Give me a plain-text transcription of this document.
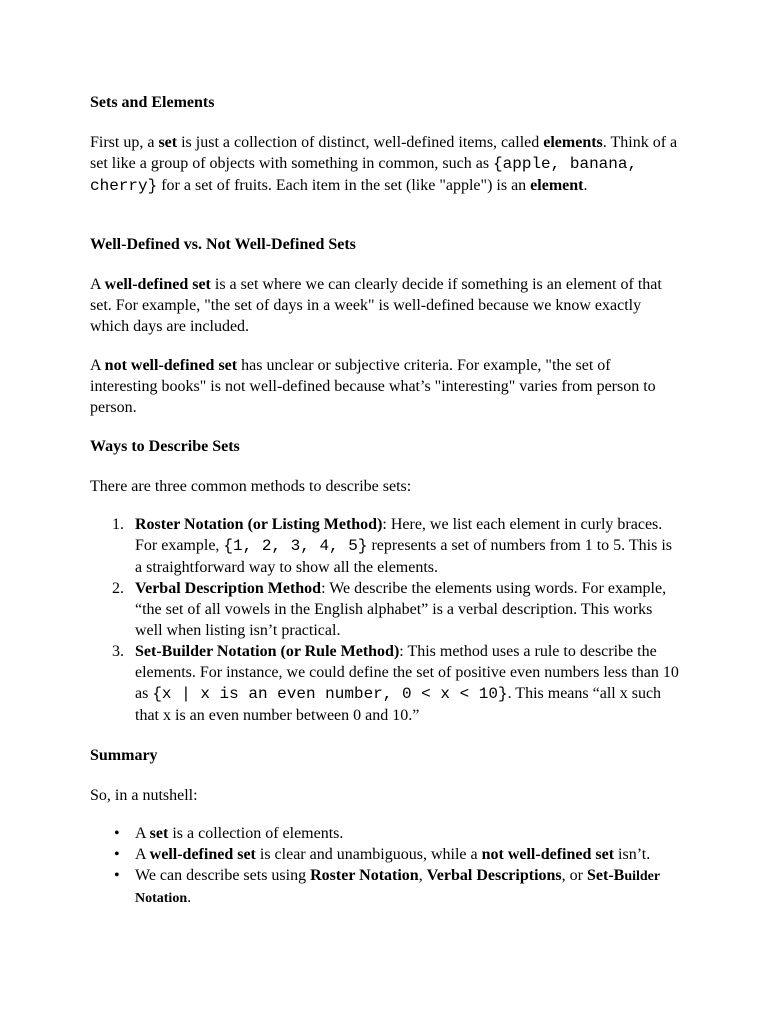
Sets and Elements

First up, a set is just a collection of distinct, well-defined items, called elements. Think of a set like a group of objects with something in common, such as {apple, banana, cherry} for a set of fruits. Each item in the set (like "apple") is an element.

Well-Defined vs. Not Well-Defined Sets

A well-defined set is a set where we can clearly decide if something is an element of that set. For example, "the set of days in a week" is well-defined because we know exactly which days are included.

A not well-defined set has unclear or subjective criteria. For example, "the set of interesting books" is not well-defined because what’s "interesting" varies from person to person.

Ways to Describe Sets

There are three common methods to describe sets:

1. Roster Notation (or Listing Method): Here, we list each element in curly braces. For example, {1, 2, 3, 4, 5} represents a set of numbers from 1 to 5. This is a straightforward way to show all the elements.
2. Verbal Description Method: We describe the elements using words. For example, “the set of all vowels in the English alphabet” is a verbal description. This works well when listing isn’t practical.
3. Set-Builder Notation (or Rule Method): This method uses a rule to describe the elements. For instance, we could define the set of positive even numbers less than 10 as {x | x is an even number, 0 < x < 10}. This means “all x such that x is an even number between 0 and 10.”

Summary

So, in a nutshell:

• A set is a collection of elements.
• A well-defined set is clear and unambiguous, while a not well-defined set isn’t.
• We can describe sets using Roster Notation, Verbal Descriptions, or Set-Builder Notation.
